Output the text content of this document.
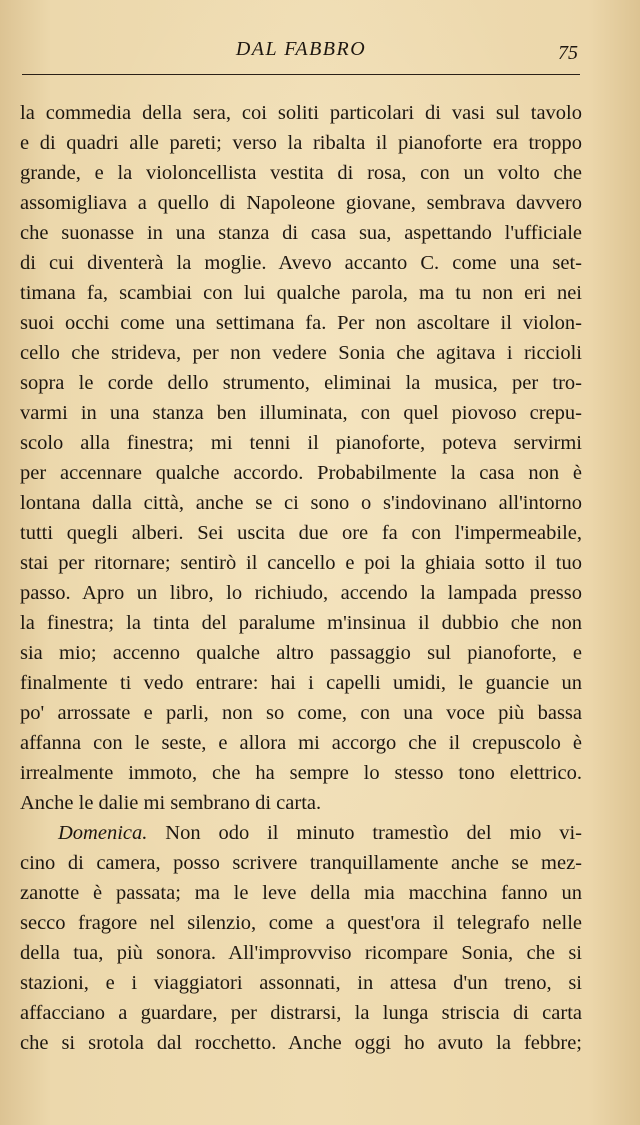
DAL FABBRO	75
la commedia della sera, coi soliti particolari di vasi sul tavolo
e di quadri alle pareti; verso la ribalta il pianoforte era troppo
grande, e la violoncellista vestita di rosa, con un volto che
assomigliava a quello di Napoleone giovane, sembrava davvero
che suonasse in una stanza di casa sua, aspettando l'ufficiale
di cui diventerà la moglie. Avevo accanto C. come una set-
timana fa, scambiai con lui qualche parola, ma tu non eri nei
suoi occhi come una settimana fa. Per non ascoltare il violon-
cello che strideva, per non vedere Sonia che agitava i riccioli
sopra le corde dello strumento, eliminai la musica, per tro-
varmi in una stanza ben illuminata, con quel piovoso crepu-
scolo alla finestra; mi tenni il pianoforte, poteva servirmi
per accennare qualche accordo. Probabilmente la casa non è
lontana dalla città, anche se ci sono o s'indovinano all'intorno
tutti quegli alberi. Sei uscita due ore fa con l'impermeabile,
stai per ritornare; sentirò il cancello e poi la ghiaia sotto il tuo
passo. Apro un libro, lo richiudo, accendo la lampada presso
la finestra; la tinta del paralume m'insinua il dubbio che non
sia mio; accenno qualche altro passaggio sul pianoforte, e
finalmente ti vedo entrare: hai i capelli umidi, le guancie un
po' arrossate e parli, non so come, con una voce più bassa
affanna con le seste, e allora mi accorgo che il crepuscolo è
irrealmente immoto, che ha sempre lo stesso tono elettrico.
Anche le dalie mi sembrano di carta.
Domenica. Non odo il minuto tramestìo del mio vi-
cino di camera, posso scrivere tranquillamente anche se mez-
zanotte è passata; ma le leve della mia macchina fanno un
secco fragore nel silenzio, come a quest'ora il telegrafo nelle
della tua, più sonora. All'improvviso ricompare Sonia, che si
stazioni, e i viaggiatori assonnati, in attesa d'un treno, si
affacciano a guardare, per distrarsi, la lunga striscia di carta
che si srotola dal rocchetto. Anche oggi ho avuto la febbre;
